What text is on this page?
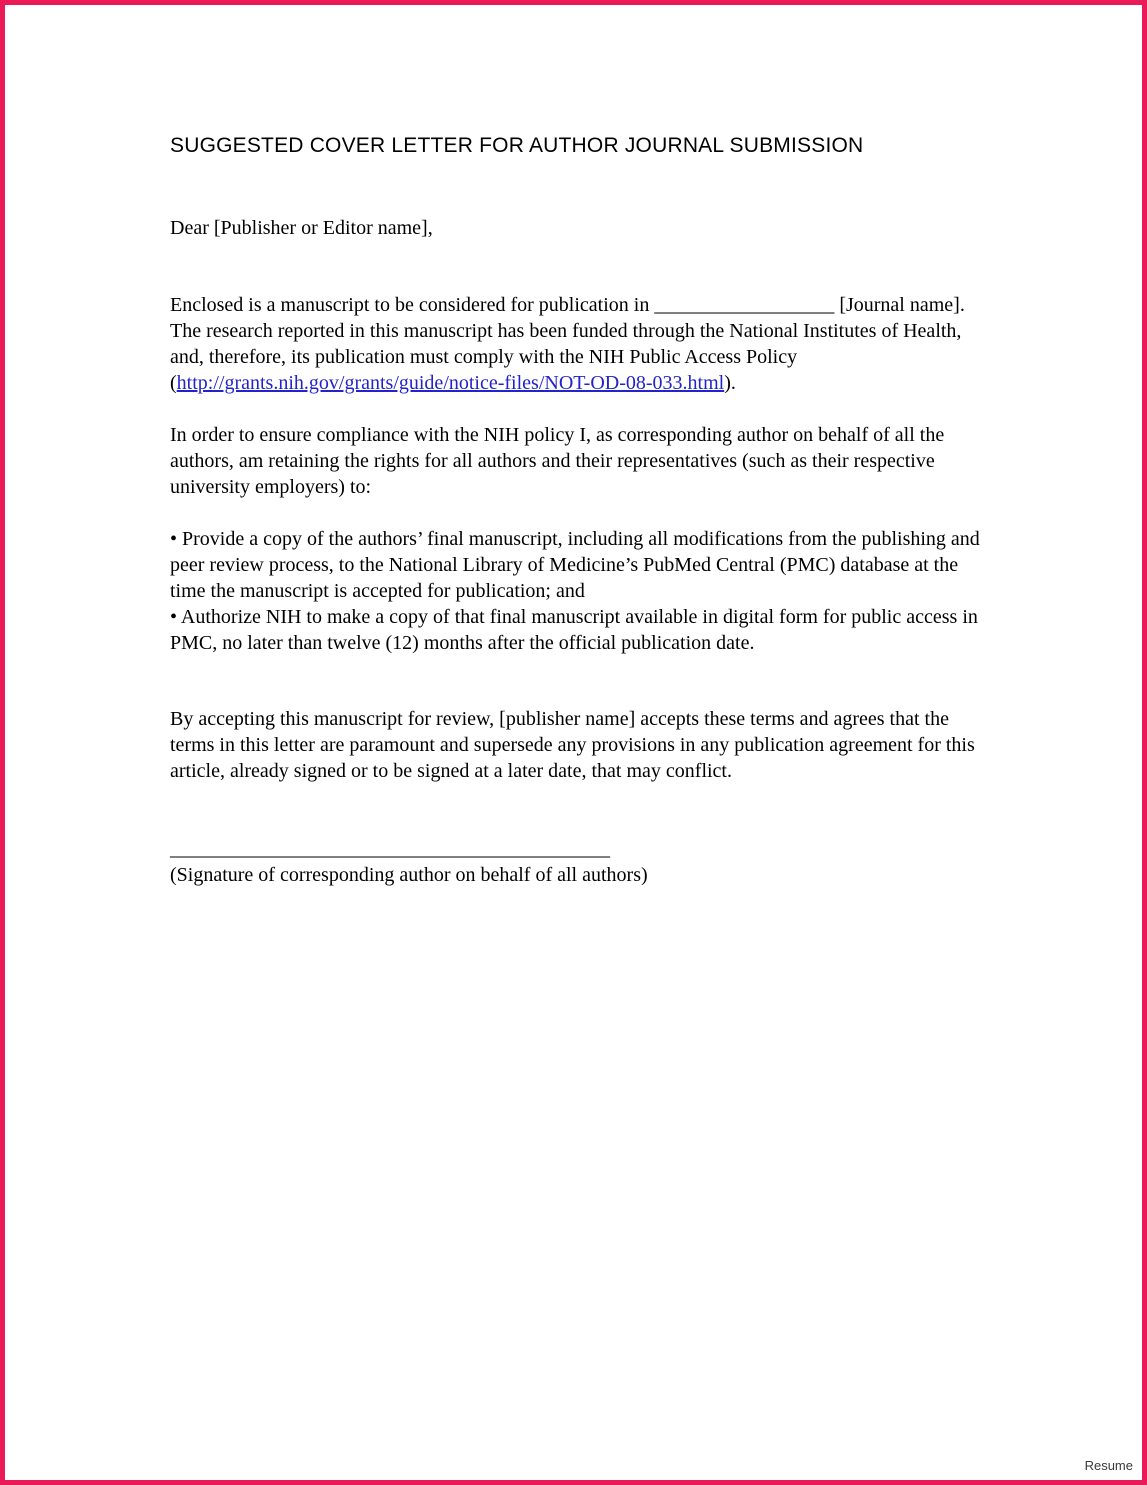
SUGGESTED COVER LETTER FOR AUTHOR JOURNAL SUBMISSION

Dear [Publisher or Editor name],

Enclosed is a manuscript to be considered for publication in __________________ [Journal name].  The research reported in this manuscript has been funded through the National Institutes of Health, and, therefore, its publication must comply with the NIH Public Access Policy (http://grants.nih.gov/grants/guide/notice-files/NOT-OD-08-033.html).

In order to ensure compliance with the NIH policy I, as corresponding author on behalf of all the authors, am retaining the rights for all authors and their representatives (such as their respective university employers) to:

• Provide a copy of the authors’ final manuscript, including all modifications from the publishing and peer review process, to the National Library of Medicine’s PubMed Central (PMC) database at the time the manuscript is accepted for publication; and
• Authorize NIH to make a copy of that final manuscript available in digital form for public access in PMC, no later than twelve (12) months after the official publication date.

By accepting this manuscript for review, [publisher name] accepts these terms and agrees that the terms in this letter are paramount and supersede any provisions in any publication agreement for this article, already signed or to be signed at a later date, that may conflict.

____________________________________________
(Signature of corresponding author on behalf of all authors)
Resume
